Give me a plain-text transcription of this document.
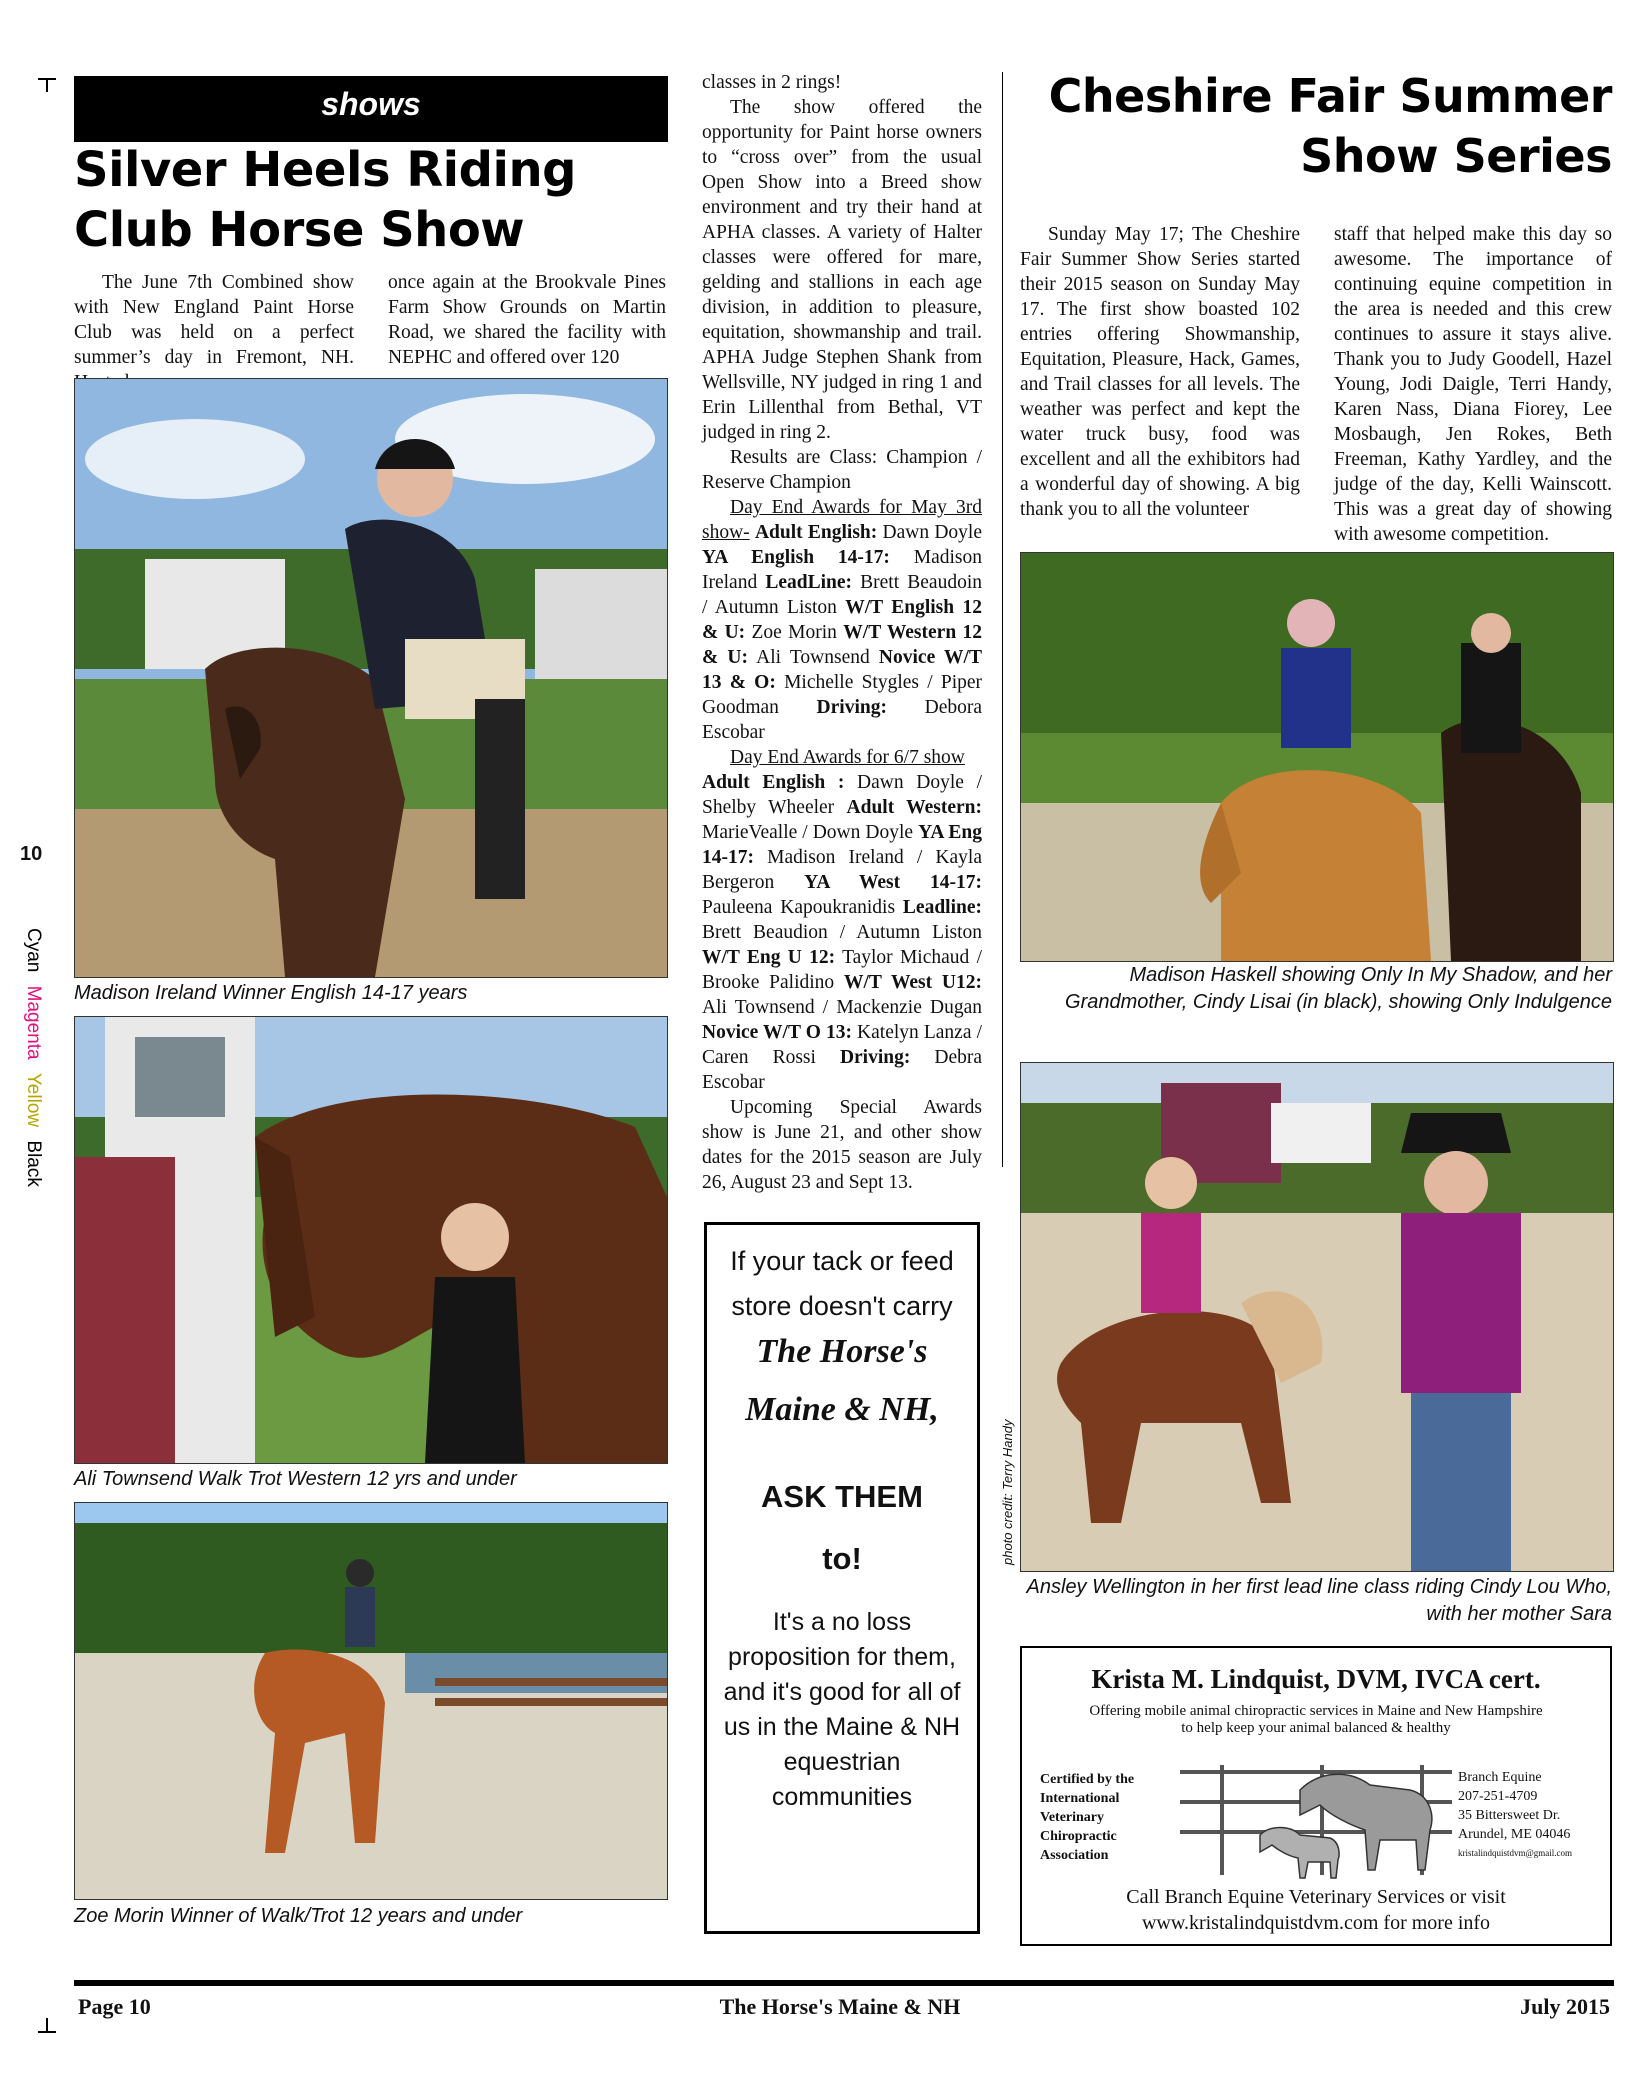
10
Cyan Magenta Yellow Black
shows
Silver Heels Riding
Club Horse Show

The June 7th Combined show with New England Paint Horse Club was held on a perfect summer’s day in Fremont, NH.

once again at the Brookvale Pines Farm Show Grounds on Martin Road, we shared the facility with NEPHC and offered over 120

Madison Ireland Winner English 14-17 years
Ali Townsend Walk Trot Western 12 yrs and under
Zoe Morin Winner of Walk/Trot 12 years and under

classes in 2 rings!

The show offered the opportunity for Paint horse owners to “cross over” from the usual Open Show into a Breed show environment and try their hand at APHA classes. A variety of Halter classes were offered for mare, gelding and stallions in each age division, in addition to pleasure, equitation, showmanship and trail. APHA Judge Stephen Shank from Wellsville, NY judged in ring 1 and Erin Lillenthal from Bethal, VT judged in ring 2.

Results are Class: Champion / Reserve Champion

Day End Awards for May 3rd show- Adult English: Dawn Doyle YA English 14-17: Madison Ireland LeadLine: Brett Beaudoin / Autumn Liston W/T English 12 & U: Zoe Morin W/T Western 12 & U: Ali Townsend Novice W/T 13 & O: Michelle Stygles / Piper Goodman Driving: Debora Escobar

Day End Awards for 6/7 show

Adult English : Dawn Doyle / Shelby Wheeler Adult Western: MarieVealle / Down Doyle YA Eng 14-17: Madison Ireland / Kayla Bergeron YA West 14-17: Pauleena Kapoukranidis Leadline: Brett Beaudion / Autumn Liston W/T Eng U 12: Taylor Michaud / Brooke Palidino W/T West U12: Ali Townsend / Mackenzie Dugan Novice W/T O 13: Katelyn Lanza / Caren Rossi Driving: Debra Escobar

Upcoming Special Awards show is June 21, and other show dates for the 2015 season are July 26, August 23 and Sept 13.

If your tack or feed store doesn't carry
The Horse's
Maine & NH,
ASK THEM
to!
It's a no loss proposition for them, and it's good for all of us in the Maine & NH equestrian communities
Cheshire Fair Summer
Show Series

Sunday May 17; The Cheshire Fair Summer Show Series started their 2015 season on Sunday May 17. The first show boasted 102 entries offering Showmanship, Equitation, Pleasure, Hack, Games, and Trail classes for all levels. The weather was perfect and kept the water truck busy, food was excellent and all the exhibitors had a wonderful day of showing. A big thank you to all the volunteer

staff that helped make this day so awesome. The importance of continuing equine competition in the area is needed and this crew continues to assure it stays alive. Thank you to Judy Goodell, Hazel Young, Jodi Daigle, Terri Handy, Karen Nass, Diana Fiorey, Lee Mosbaugh, Jen Rokes, Beth Freeman, Kathy Yardley, and the judge of the day, Kelli Wainscott. This was a great day of showing with awesome competition.

Madison Haskell showing Only In My Shadow, and her Grandmother, Cindy Lisai (in black), showing Only Indulgence
photo credit: Terry Handy
Ansley Wellington in her first lead line class riding Cindy Lou Who, with her mother Sara
Krista M. Lindquist, DVM, IVCA cert.
Offering mobile animal chiropractic services in Maine and New Hampshire
to help keep your animal balanced & healthy
Certified by the
International
Veterinary
Chiropractic
Association
Branch Equine
207-251-4709
35 Bittersweet Dr.
Arundel, ME 04046
kristalindquistdvm@gmail.com
Call Branch Equine Veterinary Services or visit
www.kristalindquistdvm.com for more info
Page 10	The Horse's Maine & NH	July 2015
